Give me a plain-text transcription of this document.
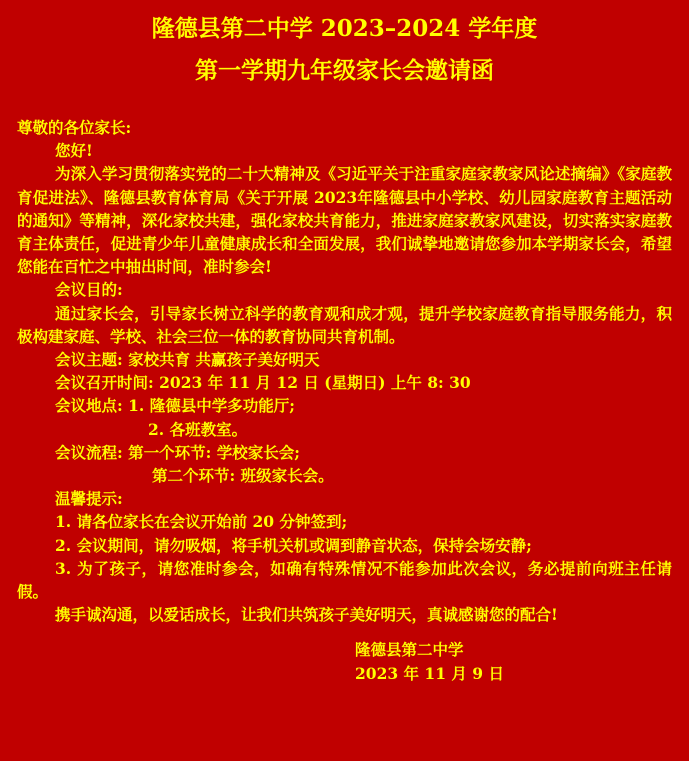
隆德县第二中学 2023–2024 学年度
第一学期九年级家长会邀请函
尊敬的各位家长:
您好!
为深入学习贯彻落实党的二十大精神及《习近平关于注重家庭家教家风论述摘编》《家庭教育促进法》、隆德县教育体育局《关于开展 2023年隆德县中小学校、幼儿园家庭教育主题活动的通知》等精神，深化家校共建，强化家校共育能力，推进家庭家教家风建设，切实落实家庭教育主体责任，促进青少年儿童健康成长和全面发展，我们诚挚地邀请您参加本学期家长会，希望您能在百忙之中抽出时间，准时参会!
会议目的:
通过家长会，引导家长树立科学的教育观和成才观，提升学校家庭教育指导服务能力，积极构建家庭、学校、社会三位一体的教育协同共育机制。
会议主题: 家校共育 共赢孩子美好明天
会议召开时间: 2023 年 11 月 12 日 (星期日) 上午 8: 30
会议地点: 1. 隆德县中学多功能厅;
2. 各班教室。
会议流程: 第一个环节: 学校家长会;
第二个环节: 班级家长会。
温馨提示:
1. 请各位家长在会议开始前 20 分钟签到;
2. 会议期间，请勿吸烟，将手机关机或调到静音状态，保持会场安静;
3. 为了孩子，请您准时参会，如确有特殊情况不能参加此次会议，务必提前向班主任请假。
携手诚沟通，以爱话成长，让我们共筑孩子美好明天，真诚感谢您的配合!
隆德县第二中学
2023 年 11 月 9 日
